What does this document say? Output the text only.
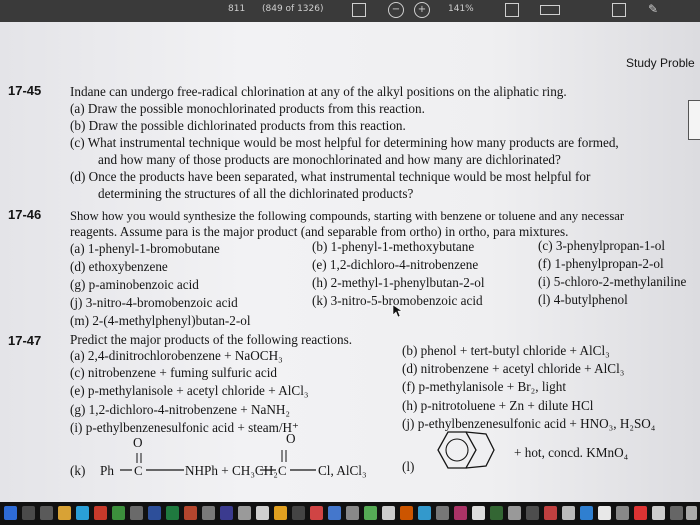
811 (849 of 1326)	−	+	141%	✎
Study Proble
17-45 Indane can undergo free-radical chlorination at any of the alkyl positions on the aliphatic ring.
(a) Draw the possible monochlorinated products from this reaction.
(b) Draw the possible dichlorinated products from this reaction.
(c) What instrumental technique would be most helpful for determining how many products are formed,
and how many of those products are monochlorinated and how many are dichlorinated?
(d) Once the products have been separated, what instrumental technique would be most helpful for
determining the structures of all the dichlorinated products?
17-46 Show how you would synthesize the following compounds, starting with benzene or toluene and any necessar
reagents. Assume para is the major product (and separable from ortho) in ortho, para mixtures.
(a) 1-phenyl-1-bromobutane	(b) 1-phenyl-1-methoxybutane	(c) 3-phenylpropan-1-ol
(d) ethoxybenzene	(e) 1,2-dichloro-4-nitrobenzene	(f) 1-phenylpropan-2-ol
(g) p-aminobenzoic acid	(h) 2-methyl-1-phenylbutan-2-ol	(i) 5-chloro-2-methylaniline
(j) 3-nitro-4-bromobenzoic acid	(k) 3-nitro-5-bromobenzoic acid	(l) 4-butylphenol
(m) 2-(4-methylphenyl)butan-2-ol
17-47 Predict the major products of the following reactions.
(a) 2,4-dinitrochlorobenzene + NaOCH₃	(b) phenol + tert-butyl chloride + AlCl₃
(c) nitrobenzene + fuming sulfuric acid	(d) nitrobenzene + acetyl chloride + AlCl₃
(e) p-methylanisole + acetyl chloride + AlCl₃	(f) p-methylanisole + Br₂, light
(g) 1,2-dichloro-4-nitrobenzene + NaNH₂	(h) p-nitrotoluene + Zn + dilute HCl
(i) p-ethylbenzenesulfonic acid + steam/H⁺	(j) p-ethylbenzenesulfonic acid + HNO₃, H₂SO₄
(k) Ph
O
NHPh + CH₃CH₂
O
Cl, AlCl₃
C	C	(l)
+ hot, concd. KMnO₄
